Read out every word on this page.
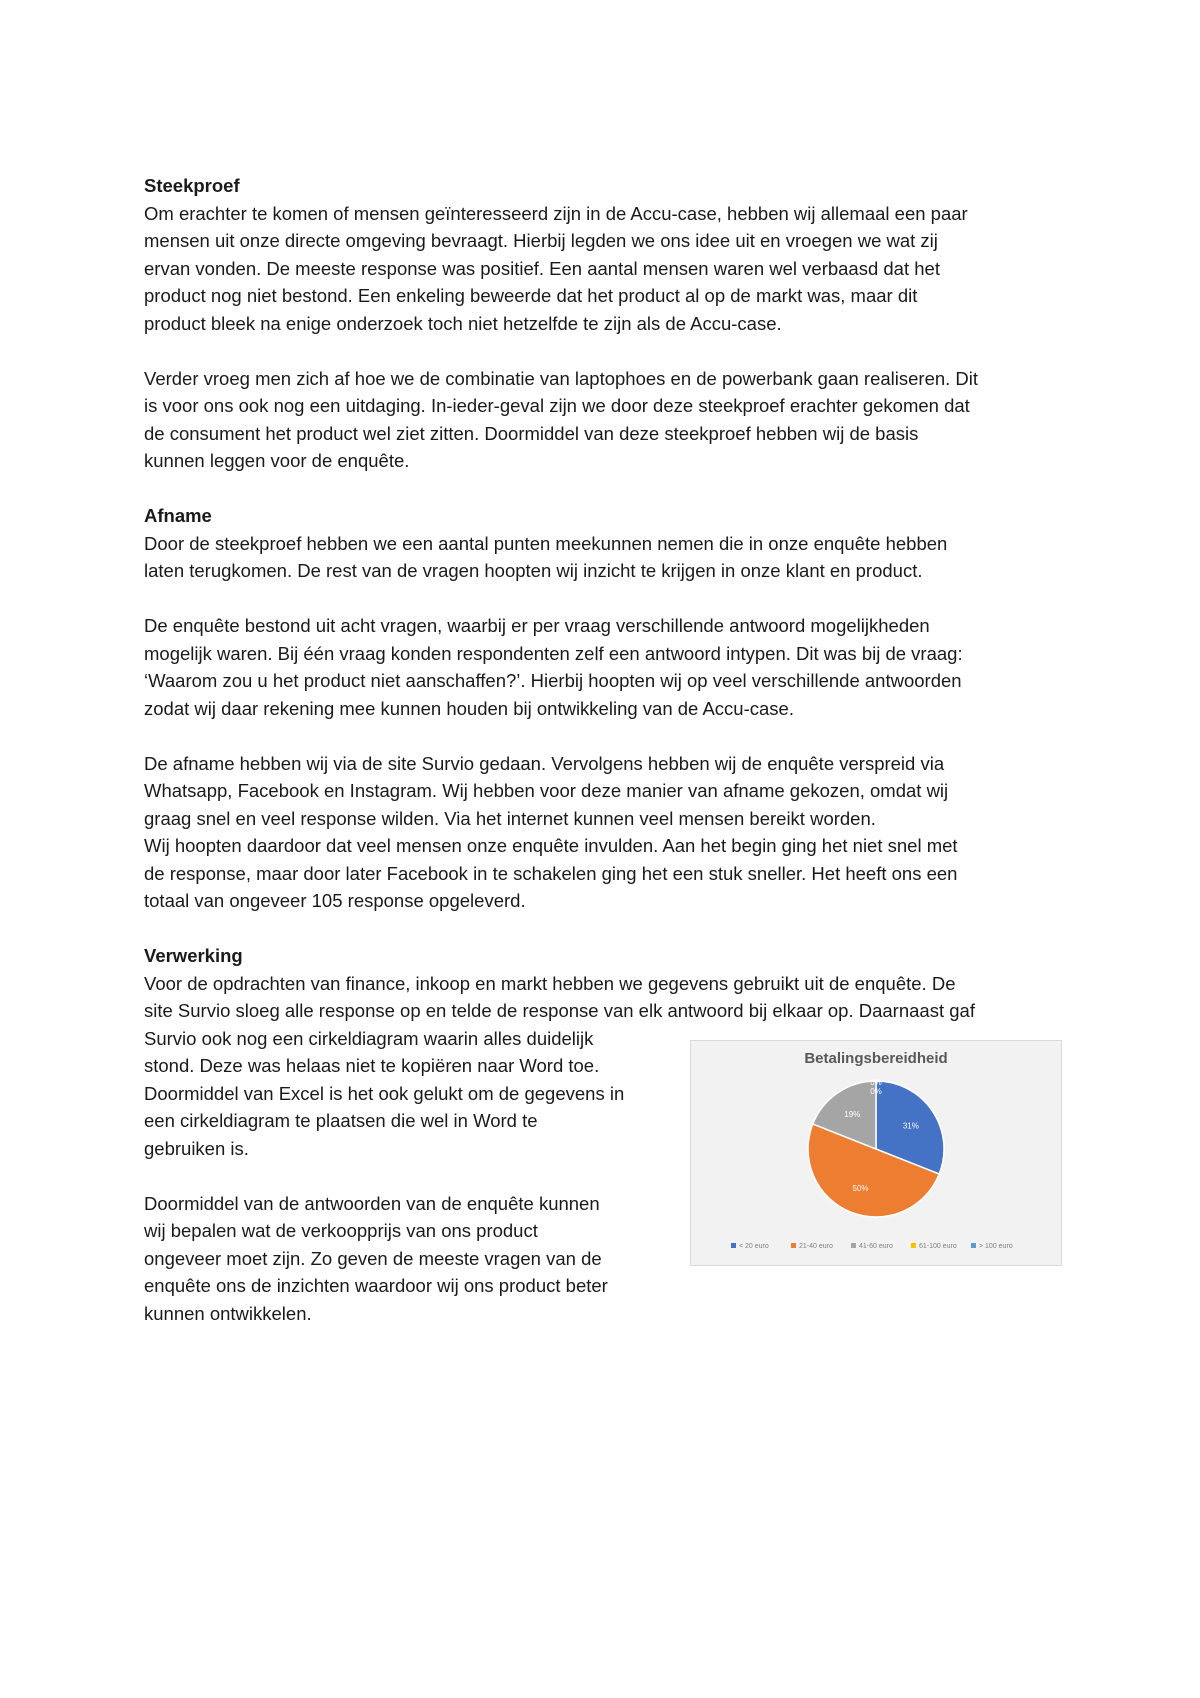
Steekproef

Om erachter te komen of mensen geïnteresseerd zijn in de Accu-case, hebben wij allemaal een paar

mensen uit onze directe omgeving bevraagt. Hierbij legden we ons idee uit en vroegen we wat zij

ervan vonden. De meeste response was positief. Een aantal mensen waren wel verbaasd dat het

product nog niet bestond. Een enkeling beweerde dat het product al op de markt was, maar dit

product bleek na enige onderzoek toch niet hetzelfde te zijn als de Accu-case.

Verder vroeg men zich af hoe we de combinatie van laptophoes en de powerbank gaan realiseren. Dit

is voor ons ook nog een uitdaging. In-ieder-geval zijn we door deze steekproef erachter gekomen dat

de consument het product wel ziet zitten. Doormiddel van deze steekproef hebben wij de basis

kunnen leggen voor de enquête.

Afname

Door de steekproef hebben we een aantal punten meekunnen nemen die in onze enquête hebben

laten terugkomen. De rest van de vragen hoopten wij inzicht te krijgen in onze klant en product.

De enquête bestond uit acht vragen, waarbij er per vraag verschillende antwoord mogelijkheden

mogelijk waren. Bij één vraag konden respondenten zelf een antwoord intypen. Dit was bij de vraag:

‘Waarom zou u het product niet aanschaffen?’. Hierbij hoopten wij op veel verschillende antwoorden

zodat wij daar rekening mee kunnen houden bij ontwikkeling van de Accu-case.

De afname hebben wij via de site Survio gedaan. Vervolgens hebben wij de enquête verspreid via

Whatsapp, Facebook en Instagram. Wij hebben voor deze manier van afname gekozen, omdat wij

graag snel en veel response wilden. Via het internet kunnen veel mensen bereikt worden.

Wij hoopten daardoor dat veel mensen onze enquête invulden. Aan het begin ging het niet snel met

de response, maar door later Facebook in te schakelen ging het een stuk sneller. Het heeft ons een

totaal van ongeveer 105 response opgeleverd.

Verwerking

Voor de opdrachten van finance, inkoop en markt hebben we gegevens gebruikt uit de enquête. De

site Survio sloeg alle response op en telde de response van elk antwoord bij elkaar op. Daarnaast gaf

Survio ook nog een cirkeldiagram waarin alles duidelijk

stond. Deze was helaas niet te kopiëren naar Word toe.

Doormiddel van Excel is het ook gelukt om de gegevens in

een cirkeldiagram te plaatsen die wel in Word te

gebruiken is.

Doormiddel van de antwoorden van de enquête kunnen

wij bepalen wat de verkoopprijs van ons product

ongeveer moet zijn. Zo geven de meeste vragen van de

enquête ons de inzichten waardoor wij ons product beter

kunnen ontwikkelen.

Betalingsbereidheid
31%
50%
19%
0%
0%
< 20 euro	21-40 euro	41-60 euro	61-100 euro	> 100 euro
